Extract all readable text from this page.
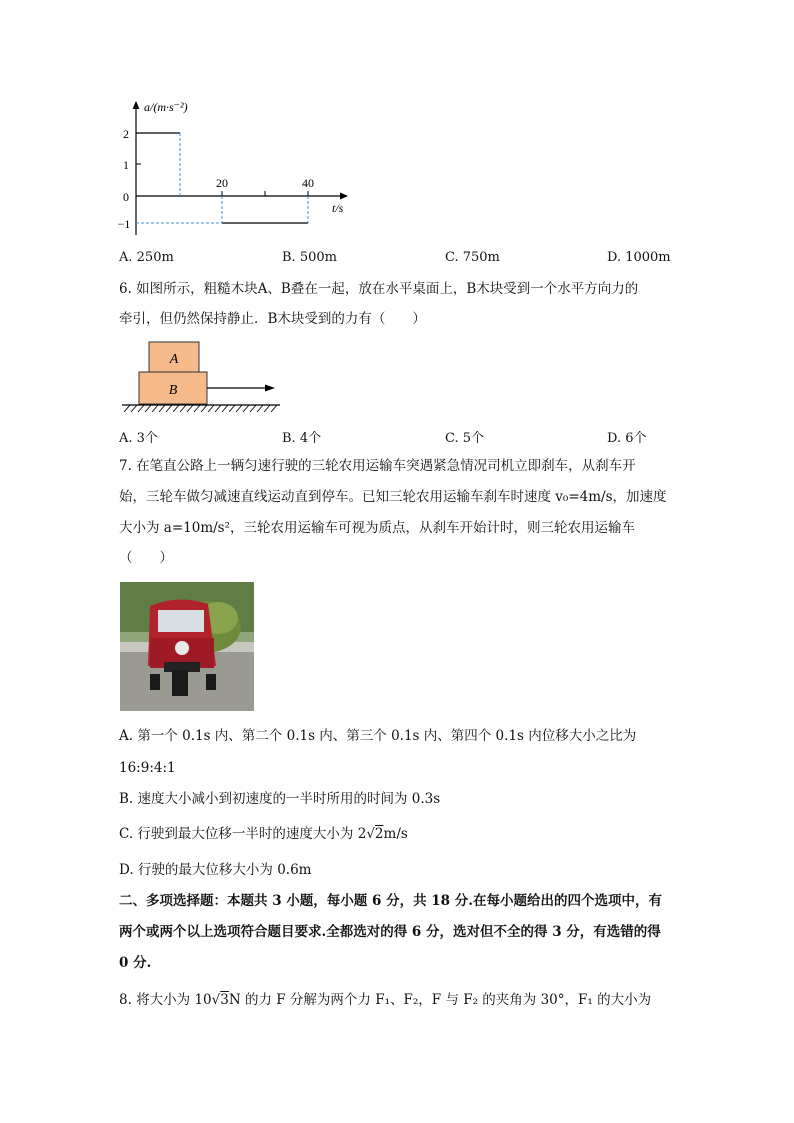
a/(m·s⁻²)
2
1
0
−1
20	40
t/s
A. 250m	B. 500m	C. 750m	D. 1000m
6. 如图所示，粗糙木块A、B叠在一起，放在水平桌面上，B木块受到一个水平方向力的
牵引，但仍然保持静止．B木块受到的力有（　　）
A
B
A. 3个	B. 4个	C. 5个	D. 6个
7. 在笔直公路上一辆匀速行驶的三轮农用运输车突遇紧急情况司机立即刹车，从刹车开
始，三轮车做匀减速直线运动直到停车。已知三轮农用运输车刹车时速度 v₀=4m/s，加速度
大小为 a=10m/s²，三轮农用运输车可视为质点，从刹车开始计时，则三轮农用运输车
（　　）
A. 第一个 0.1s 内、第二个 0.1s 内、第三个 0.1s 内、第四个 0.1s 内位移大小之比为
16:9:4:1
B. 速度大小减小到初速度的一半时所用的时间为 0.3s
C. 行驶到最大位移一半时的速度大小为 2√2m/s
D. 行驶的最大位移大小为 0.6m
二、多项选择题：本题共 3 小题，每小题 6 分，共 18 分.在每小题给出的四个选项中，有
两个或两个以上选项符合题目要求.全都选对的得 6 分，选对但不全的得 3 分，有选错的得
0 分.
8. 将大小为 10√3N 的力 F 分解为两个力 F₁、F₂，F 与 F₂ 的夹角为 30°，F₁ 的大小为
